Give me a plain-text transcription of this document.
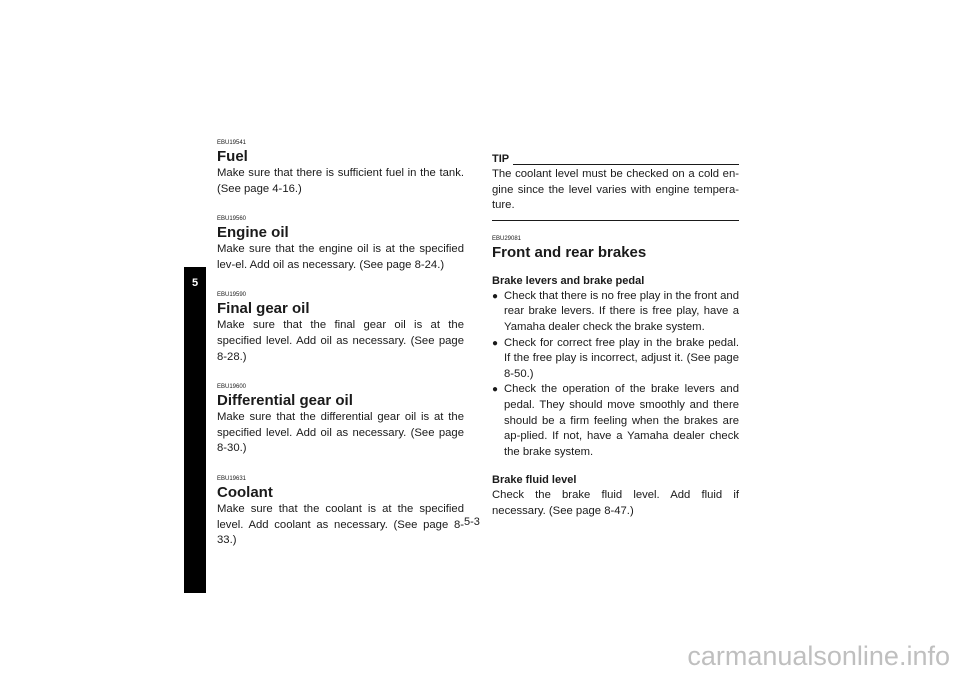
5
EBU19541
Fuel

Make sure that there is sufficient fuel in the tank. (See page 4-16.)

EBU19560
Engine oil

Make sure that the engine oil is at the specified lev-el. Add oil as necessary. (See page 8-24.)

EBU19590
Final gear oil

Make sure that the final gear oil is at the specified level. Add oil as necessary. (See page 8-28.)

EBU19600
Differential gear oil

Make sure that the differential gear oil is at the specified level. Add oil as necessary. (See page 8-30.)

EBU19631
Coolant

Make sure that the coolant is at the specified level. Add coolant as necessary. (See page 8-33.)

TIP

The coolant level must be checked on a cold en-gine since the level varies with engine tempera-ture.

EBU29081
Front and rear brakes
Brake levers and brake pedal
● Check that there is no free play in the front and rear brake levers. If there is free play, have a Yamaha dealer check the brake system.
● Check for correct free play in the brake pedal. If the free play is incorrect, adjust it. (See page 8-50.)
● Check the operation of the brake levers and pedal. They should move smoothly and there should be a firm feeling when the brakes are ap-plied. If not, have a Yamaha dealer check the brake system.
Brake fluid level

Check the brake fluid level. Add fluid if necessary. (See page 8-47.)

5-3
carmanualsonline.info
